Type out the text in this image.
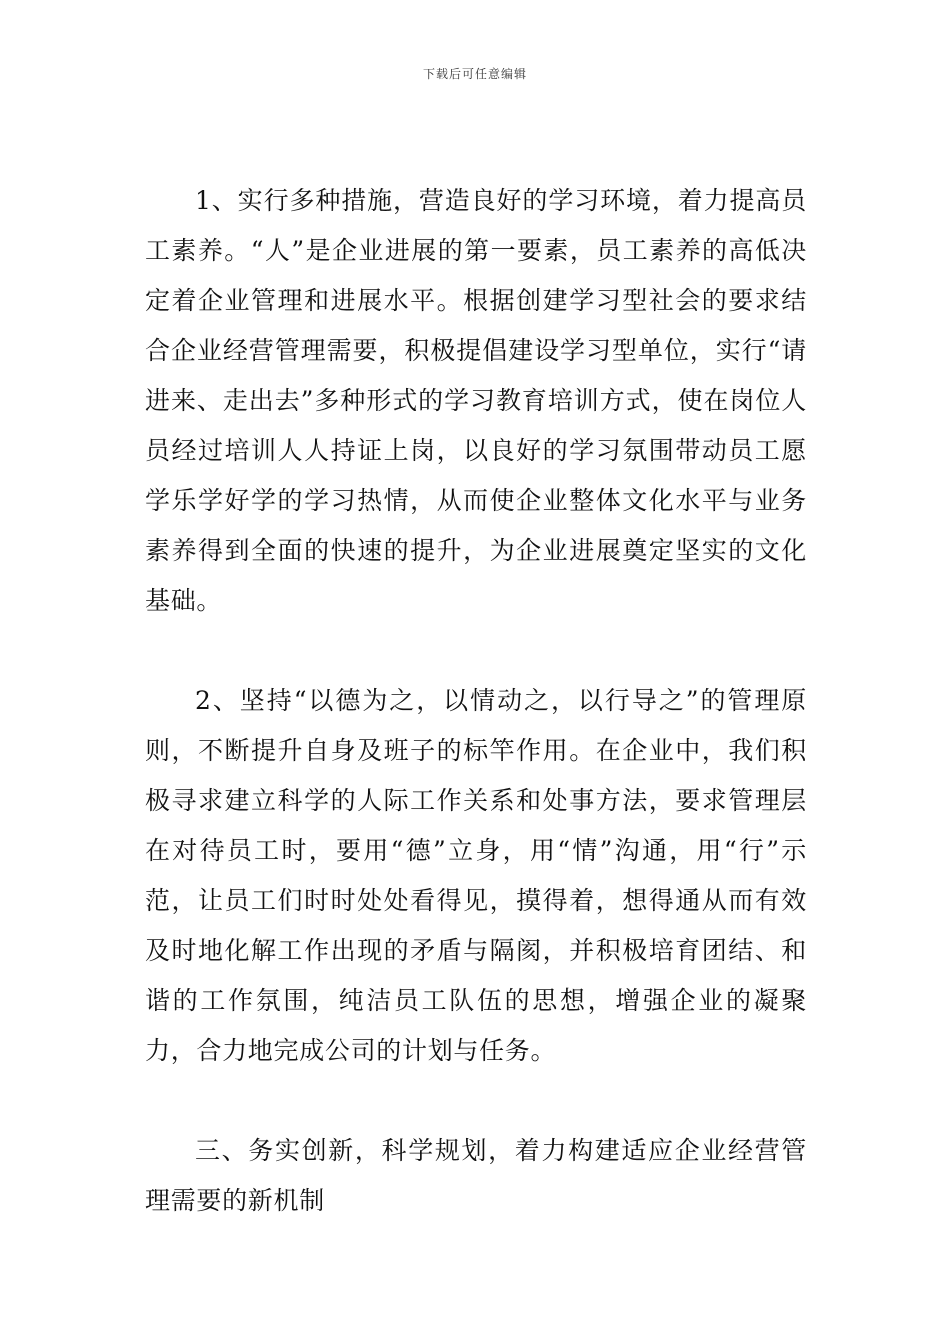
下载后可任意编辑

1、实行多种措施，营造良好的学习环境，着力提高员工素养。“人”是企业进展的第一要素，员工素养的高低决定着企业管理和进展水平。根据创建学习型社会的要求结合企业经营管理需要，积极提倡建设学习型单位，实行“请进来、走出去”多种形式的学习教育培训方式，使在岗位人员经过培训人人持证上岗，以良好的学习氛围带动员工愿学乐学好学的学习热情，从而使企业整体文化水平与业务素养得到全面的快速的提升，为企业进展奠定坚实的文化基础。

2、坚持“以德为之，以情动之，以行导之”的管理原则，不断提升自身及班子的标竿作用。在企业中，我们积极寻求建立科学的人际工作关系和处事方法，要求管理层在对待员工时，要用“德”立身，用“情”沟通，用“行”示范，让员工们时时处处看得见，摸得着，想得通从而有效及时地化解工作出现的矛盾与隔阂，并积极培育团结、和谐的工作氛围，纯洁员工队伍的思想，增强企业的凝聚力，合力地完成公司的计划与任务。

三、务实创新，科学规划，着力构建适应企业经营管理需要的新机制
